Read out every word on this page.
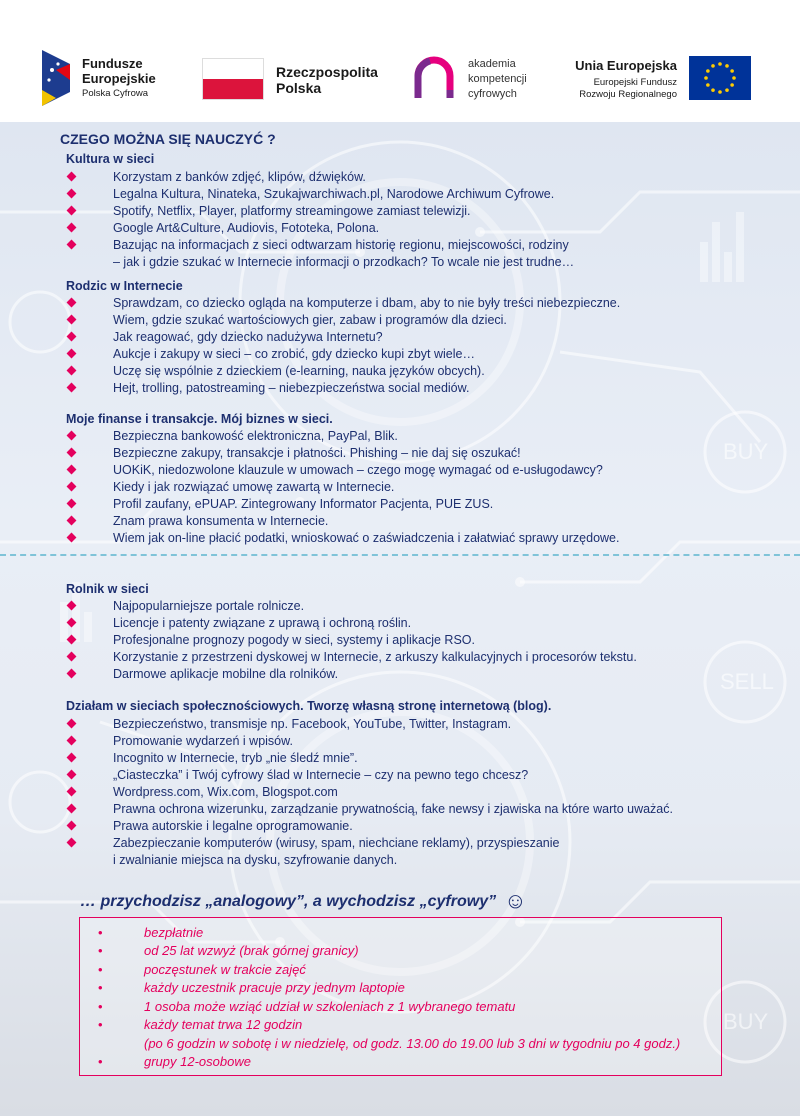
Fundusze
Europejskie
Polska Cyfrowa
Rzeczpospolita
Polska
akademia
kompetencji
cyfrowych
Unia Europejska
Europejski Fundusz
Rozwoju Regionalnego
BUY
SELL
BUY
CZEGO MOŻNA SIĘ NAUCZYĆ ?
Kultura w sieci
Korzystam z banków zdjęć, klipów, dźwięków.
Legalna Kultura, Ninateka, Szukajwarchiwach.pl, Narodowe Archiwum Cyfrowe.
Spotify, Netflix, Player, platformy streamingowe zamiast telewizji.
Google Art&Culture, Audiovis, Fototeka, Polona.
Bazując na informacjach z sieci odtwarzam historię regionu, miejscowości, rodziny
– jak i gdzie szukać w Internecie informacji o przodkach? To wcale nie jest trudne…
Rodzic w Internecie
Sprawdzam, co dziecko ogląda na komputerze i dbam, aby to nie były treści niebezpieczne.
Wiem, gdzie szukać wartościowych gier, zabaw i programów dla dzieci.
Jak reagować, gdy dziecko nadużywa Internetu?
Aukcje i zakupy w sieci – co zrobić, gdy dziecko kupi zbyt wiele…
Uczę się wspólnie z dzieckiem (e-learning, nauka języków obcych).
Hejt, trolling, patostreaming – niebezpieczeństwa social mediów.
Moje finanse i transakcje. Mój biznes w sieci.
Bezpieczna bankowość elektroniczna, PayPal, Blik.
Bezpieczne zakupy, transakcje i płatności. Phishing – nie daj się oszukać!
UOKiK, niedozwolone klauzule w umowach – czego mogę wymagać od e-usługodawcy?
Kiedy i jak rozwiązać umowę zawartą w Internecie.
Profil zaufany, ePUAP. Zintegrowany Informator Pacjenta, PUE ZUS.
Znam prawa konsumenta w Internecie.
Wiem jak on-line płacić podatki, wnioskować o zaświadczenia i załatwiać sprawy urzędowe.
Rolnik w sieci
Najpopularniejsze portale rolnicze.
Licencje i patenty związane z uprawą i ochroną roślin.
Profesjonalne prognozy pogody w sieci, systemy i aplikacje RSO.
Korzystanie z przestrzeni dyskowej w Internecie, z arkuszy kalkulacyjnych i procesorów tekstu.
Darmowe aplikacje mobilne dla rolników.
Działam w sieciach społecznościowych. Tworzę własną stronę internetową (blog).
Bezpieczeństwo, transmisje np. Facebook, YouTube, Twitter, Instagram.
Promowanie wydarzeń i wpisów.
Incognito w Internecie, tryb „nie śledź mnie”.
„Ciasteczka” i Twój cyfrowy ślad w Internecie – czy na pewno tego chcesz?
Wordpress.com, Wix.com, Blogspot.com
Prawna ochrona wizerunku, zarządzanie prywatnością, fake newsy i zjawiska na które warto uważać.
Prawa autorskie i legalne oprogramowanie.
Zabezpieczanie komputerów (wirusy, spam, niechciane reklamy), przyspieszanie
i zwalnianie miejsca na dysku, szyfrowanie danych.
… przychodzisz „analogowy”, a wychodzisz „cyfrowy” ☺
•	bezpłatnie
•	od 25 lat wzwyż (brak górnej granicy)
•	poczęstunek w trakcie zajęć
•	każdy uczestnik pracuje przy jednym laptopie
•	1 osoba może wziąć udział w szkoleniach z 1 wybranego tematu
•	każdy temat trwa 12 godzin
(po 6 godzin w sobotę i w niedzielę, od godz. 13.00 do 19.00 lub 3 dni w tygodniu po 4 godz.)
•	grupy 12-osobowe
